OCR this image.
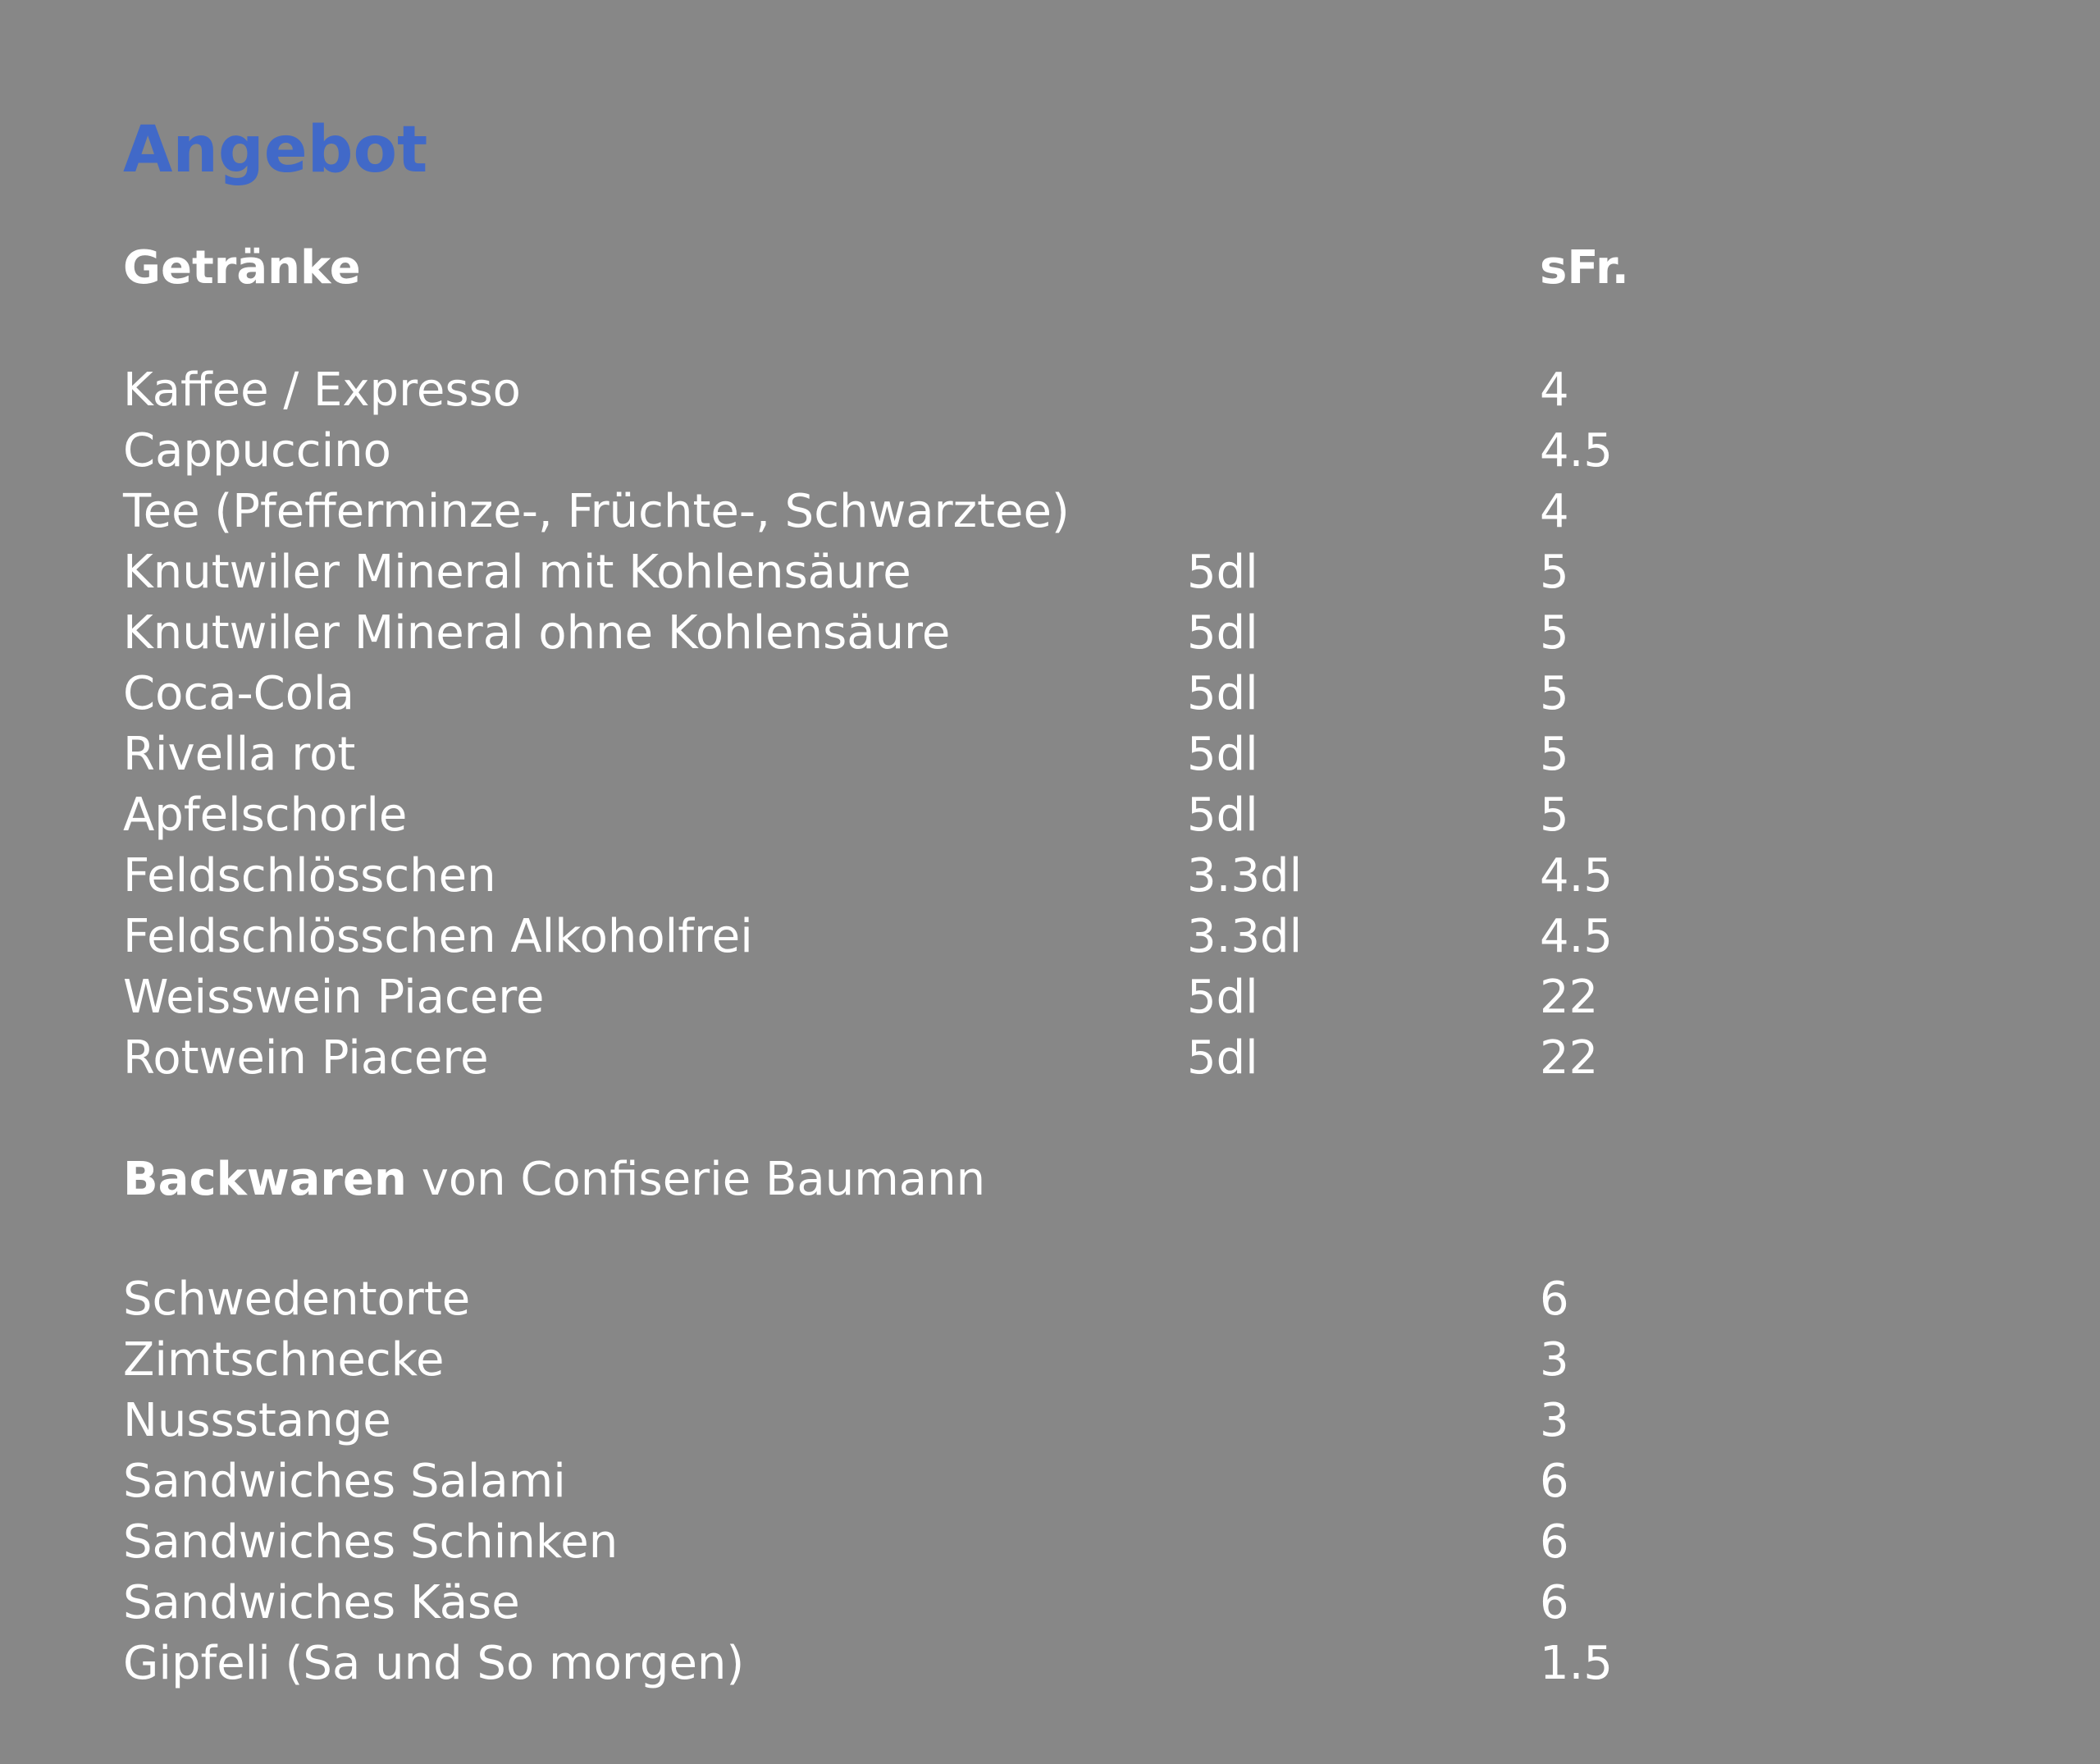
Angebot
Getränke	sFr.
Kaffee / Expresso	4
Cappuccino	4.5
Tee (Pfefferminze-, Früchte-, Schwarztee)	4
Knutwiler Mineral mit Kohlensäure	5dl	5
Knutwiler Mineral ohne Kohlensäure	5dl	5
Coca-Cola	5dl	5
Rivella rot	5dl	5
Apfelschorle	5dl	5
Feldschlösschen	3.3dl	4.5
Feldschlösschen Alkoholfrei	3.3dl	4.5
Weisswein Piacere	5dl	22
Rotwein Piacere	5dl	22
Backwaren von Confiserie Baumann
Schwedentorte	6
Zimtschnecke	3
Nussstange	3
Sandwiches Salami	6
Sandwiches Schinken	6
Sandwiches Käse	6
Gipfeli (Sa und So morgen)	1.5
